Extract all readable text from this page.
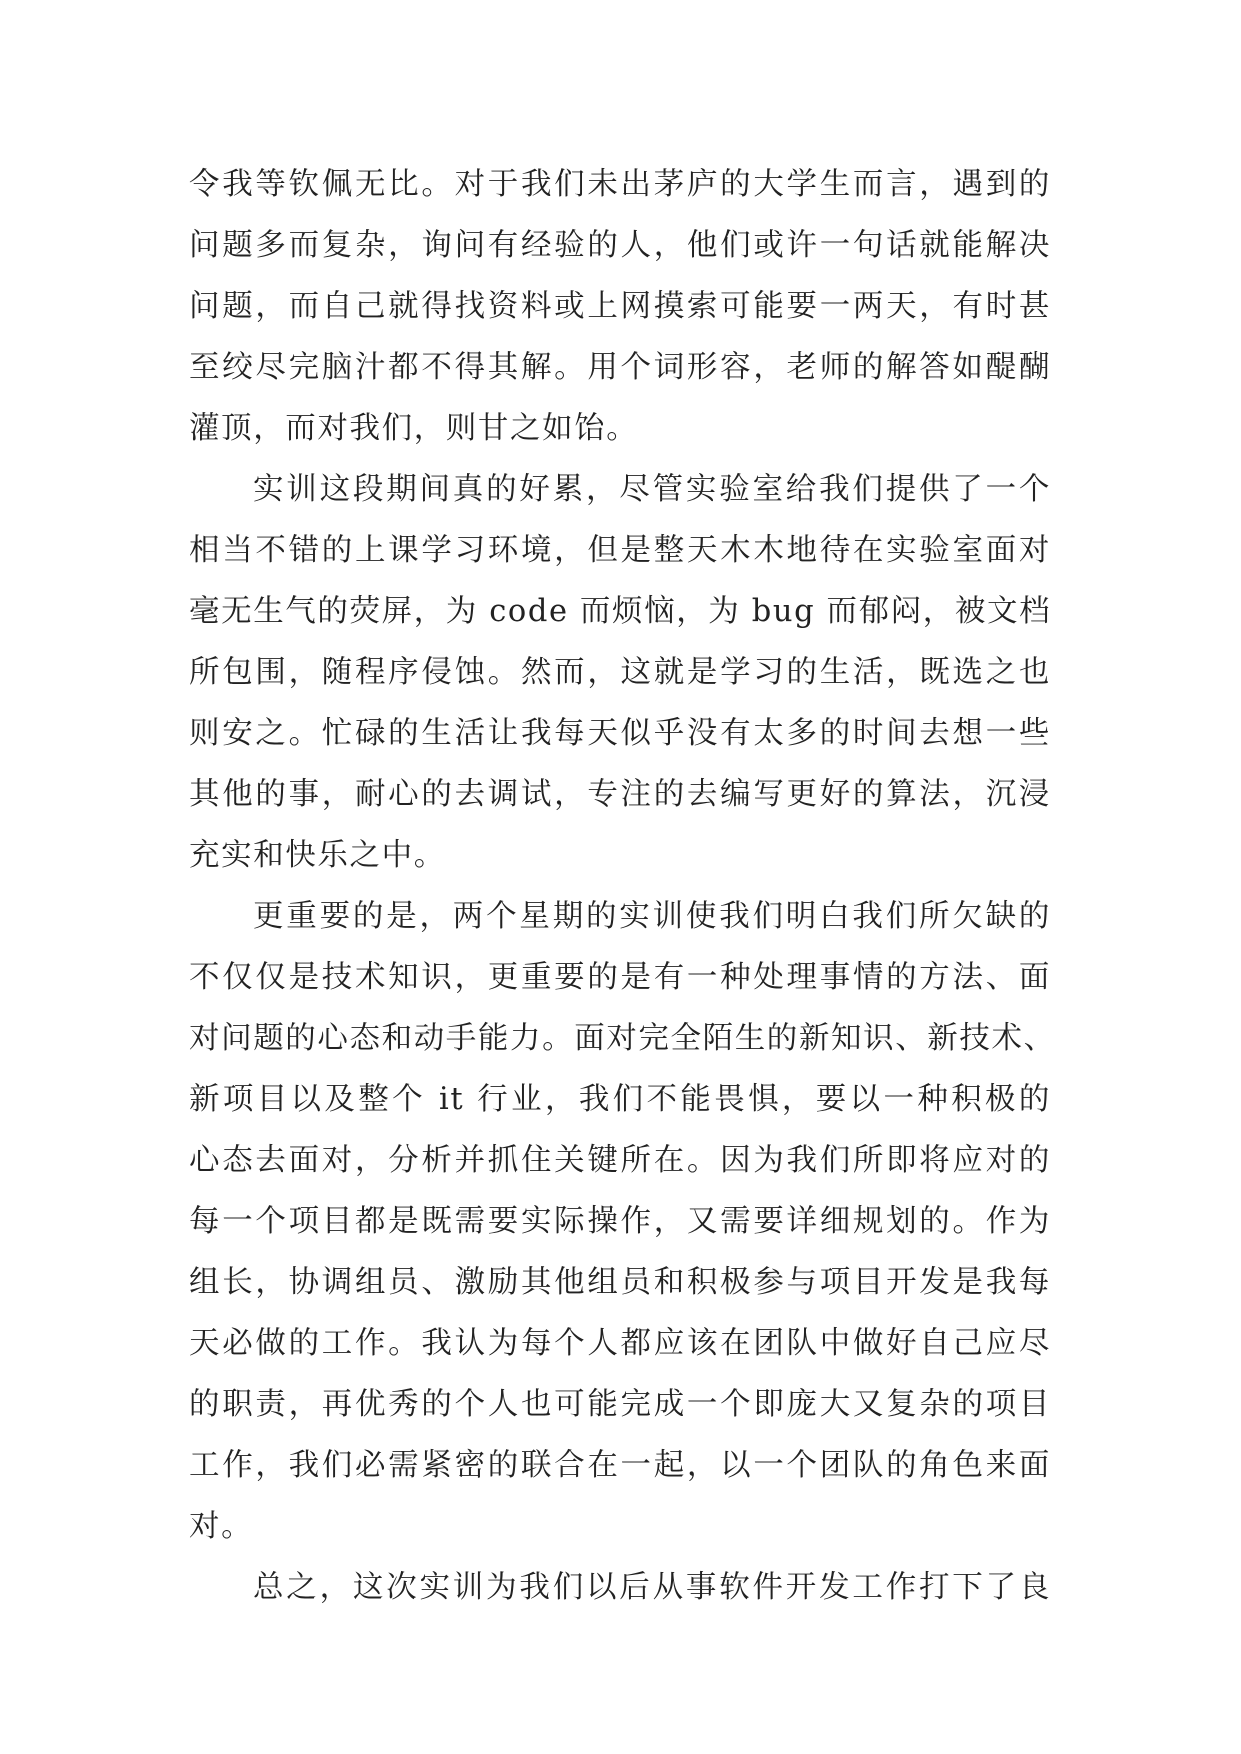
令我等钦佩无比。对于我们未出茅庐的大学生而言，遇到的
问题多而复杂，询问有经验的人，他们或许一句话就能解决
问题，而自己就得找资料或上网摸索可能要一两天，有时甚
至绞尽完脑汁都不得其解。用个词形容，老师的解答如醍醐
灌顶，而对我们，则甘之如饴。
实训这段期间真的好累，尽管实验室给我们提供了一个
相当不错的上课学习环境，但是整天木木地待在实验室面对
毫无生气的荧屏，为 code 而烦恼，为 bug 而郁闷，被文档
所包围，随程序侵蚀。然而，这就是学习的生活，既选之也
则安之。忙碌的生活让我每天似乎没有太多的时间去想一些
其他的事，耐心的去调试，专注的去编写更好的算法，沉浸
充实和快乐之中。
更重要的是，两个星期的实训使我们明白我们所欠缺的
不仅仅是技术知识，更重要的是有一种处理事情的方法、面
对问题的心态和动手能力。面对完全陌生的新知识、新技术、
新项目以及整个 it 行业，我们不能畏惧，要以一种积极的
心态去面对，分析并抓住关键所在。因为我们所即将应对的
每一个项目都是既需要实际操作，又需要详细规划的。作为
组长，协调组员、激励其他组员和积极参与项目开发是我每
天必做的工作。我认为每个人都应该在团队中做好自己应尽
的职责，再优秀的个人也可能完成一个即庞大又复杂的项目
工作，我们必需紧密的联合在一起，以一个团队的角色来面
对。
总之，这次实训为我们以后从事软件开发工作打下了良
